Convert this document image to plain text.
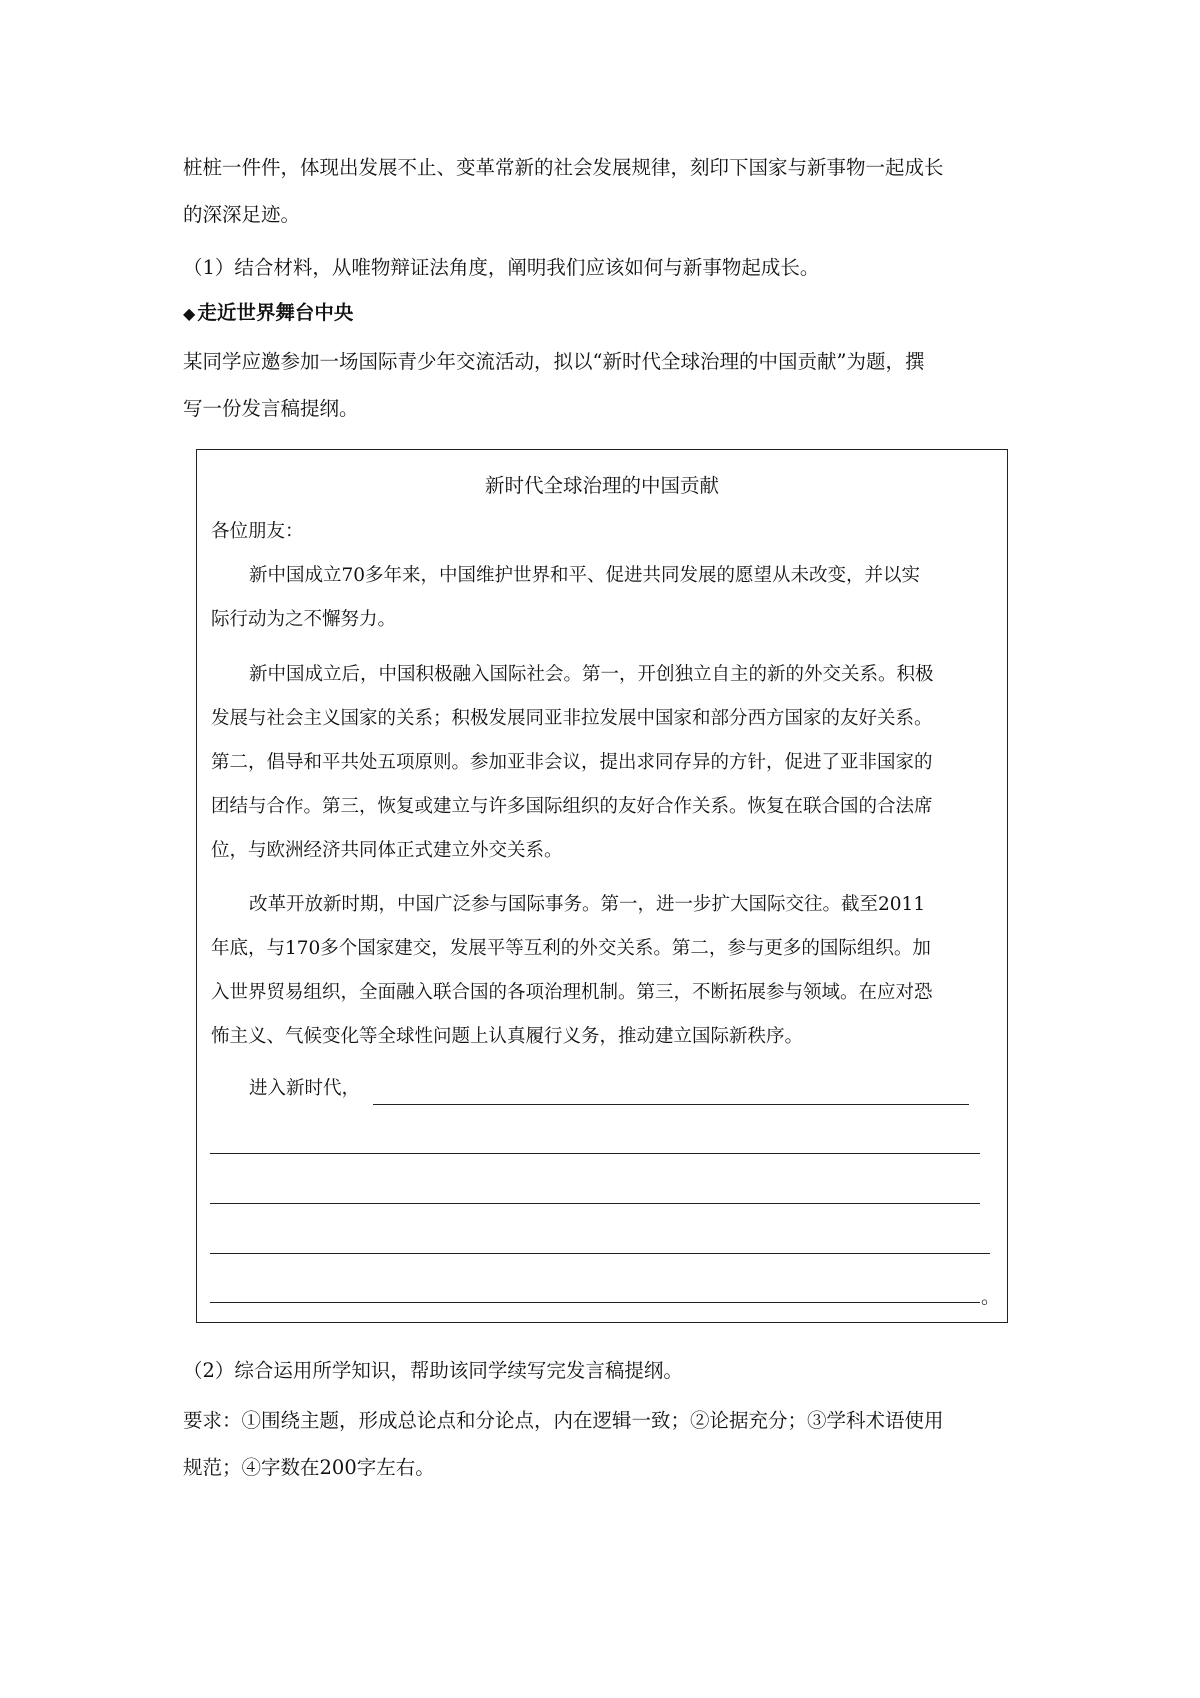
桩桩一件件，体现出发展不止、变革常新的社会发展规律，刻印下国家与新事物一起成长
的深深足迹。
（1）结合材料，从唯物辩证法角度，阐明我们应该如何与新事物起成长。
◆ 走近世界舞台中央
某同学应邀参加一场国际青少年交流活动，拟以“新时代全球治理的中国贡献”为题，撰
写一份发言稿提纲。
新时代全球治理的中国贡献
各位朋友：
新中国成立70多年来，中国维护世界和平、促进共同发展的愿望从未改变，并以实
际行动为之不懈努力。
新中国成立后，中国积极融入国际社会。第一，开创独立自主的新的外交关系。积极
发展与社会主义国家的关系；积极发展同亚非拉发展中国家和部分西方国家的友好关系。
第二，倡导和平共处五项原则。参加亚非会议，提出求同存异的方针，促进了亚非国家的
团结与合作。第三，恢复或建立与许多国际组织的友好合作关系。恢复在联合国的合法席
位，与欧洲经济共同体正式建立外交关系。
改革开放新时期，中国广泛参与国际事务。第一，进一步扩大国际交往。截至2011
年底，与170多个国家建交，发展平等互利的外交关系。第二，参与更多的国际组织。加
入世界贸易组织，全面融入联合国的各项治理机制。第三，不断拓展参与领域。在应对恐
怖主义、气候变化等全球性问题上认真履行义务，推动建立国际新秩序。
进入新时代，
。
（2）综合运用所学知识，帮助该同学续写完发言稿提纲。
要求：①围绕主题，形成总论点和分论点，内在逻辑一致；②论据充分；③学科术语使用
规范；④字数在200字左右。
